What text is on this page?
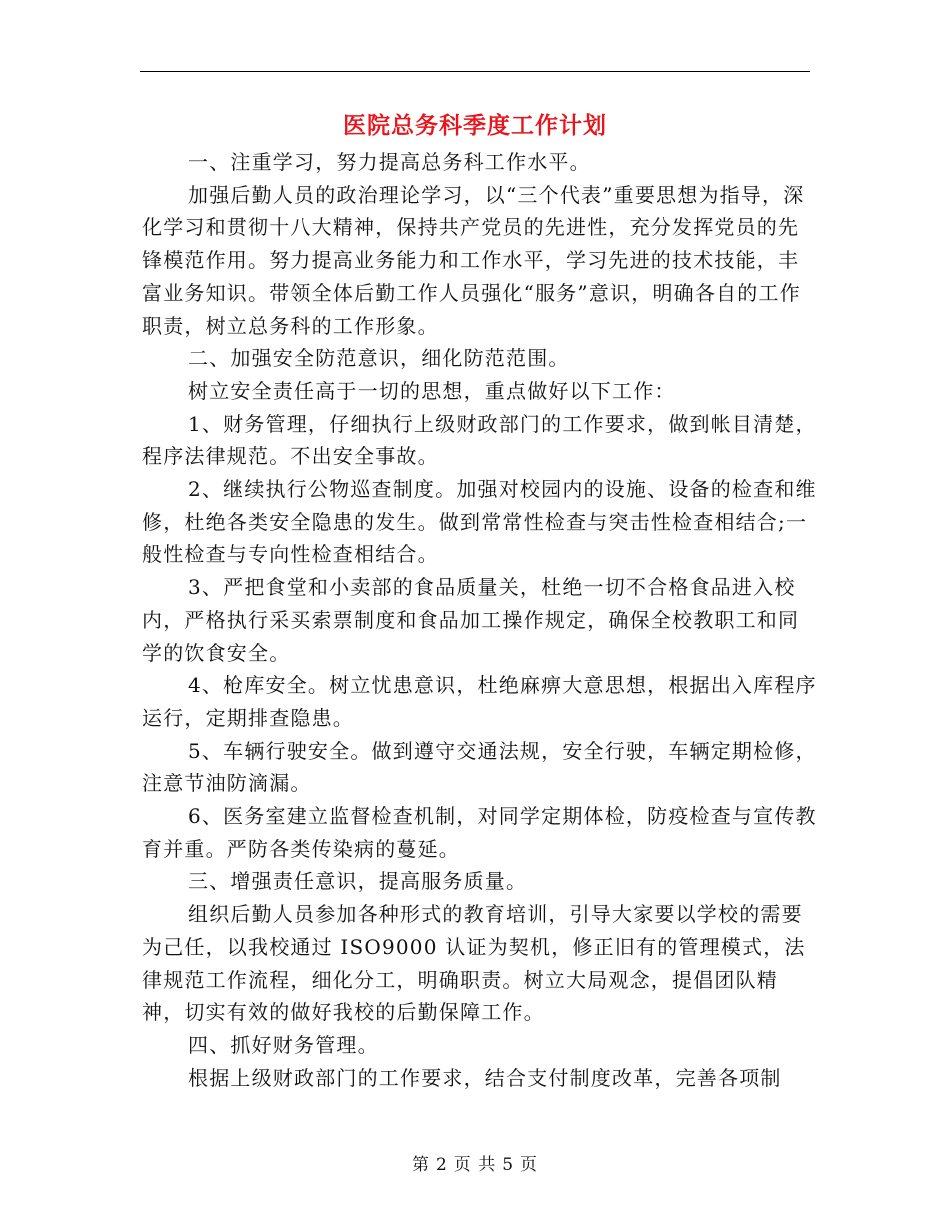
医院总务科季度工作计划

一、注重学习，努力提高总务科工作水平。

加强后勤人员的政治理论学习，以“三个代表”重要思想为指导，深化学习和贯彻十八大精神，保持共产党员的先进性，充分发挥党员的先锋模范作用。努力提高业务能力和工作水平，学习先进的技术技能，丰富业务知识。带领全体后勤工作人员强化“服务”意识，明确各自的工作职责，树立总务科的工作形象。

二、加强安全防范意识，细化防范范围。

树立安全责任高于一切的思想，重点做好以下工作：

1、财务管理，仔细执行上级财政部门的工作要求，做到帐目清楚，程序法律规范。不出安全事故。

2、继续执行公物巡查制度。加强对校园内的设施、设备的检查和维修，杜绝各类安全隐患的发生。做到常常性检查与突击性检查相结合;一般性检查与专向性检查相结合。

3、严把食堂和小卖部的食品质量关，杜绝一切不合格食品进入校内，严格执行采买索票制度和食品加工操作规定，确保全校教职工和同学的饮食安全。

4、枪库安全。树立忧患意识，杜绝麻痹大意思想，根据出入库程序运行，定期排查隐患。

5、车辆行驶安全。做到遵守交通法规，安全行驶，车辆定期检修，注意节油防滴漏。

6、医务室建立监督检查机制，对同学定期体检，防疫检查与宣传教育并重。严防各类传染病的蔓延。

三、增强责任意识，提高服务质量。

组织后勤人员参加各种形式的教育培训，引导大家要以学校的需要为己任，以我校通过 ISO9000 认证为契机，修正旧有的管理模式，法律规范工作流程，细化分工，明确职责。树立大局观念，提倡团队精神，切实有效的做好我校的后勤保障工作。

四、抓好财务管理。

根据上级财政部门的工作要求，结合支付制度改革，完善各项制

第 2 页 共 5 页
